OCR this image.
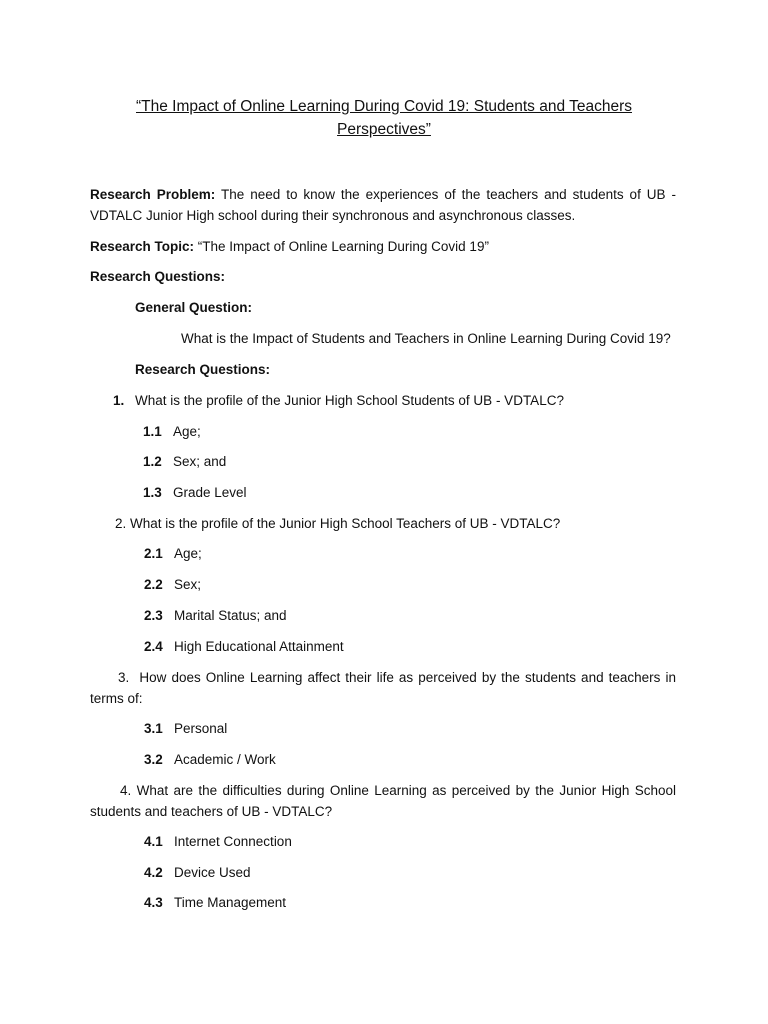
“The Impact of Online Learning During Covid 19: Students and Teachers
Perspectives”

Research Problem: The need to know the experiences of the teachers and students of UB - VDTALC Junior High school during their synchronous and asynchronous classes.

Research Topic: “The Impact of Online Learning During Covid 19”

Research Questions:

General Question:

What is the Impact of Students and Teachers in Online Learning During Covid 19?

Research Questions:

1. What is the profile of the Junior High School Students of UB - VDTALC?

1.1 Age;

1.2 Sex; and

1.3 Grade Level

2. What is the profile of the Junior High School Teachers of UB - VDTALC?

2.1 Age;

2.2 Sex;

2.3 Marital Status; and

2.4 High Educational Attainment

3. How does Online Learning affect their life as perceived by the students and teachers in terms of:

3.1 Personal

3.2 Academic / Work

4. What are the difficulties during Online Learning as perceived by the Junior High School students and teachers of UB - VDTALC?

4.1 Internet Connection

4.2 Device Used

4.3 Time Management
